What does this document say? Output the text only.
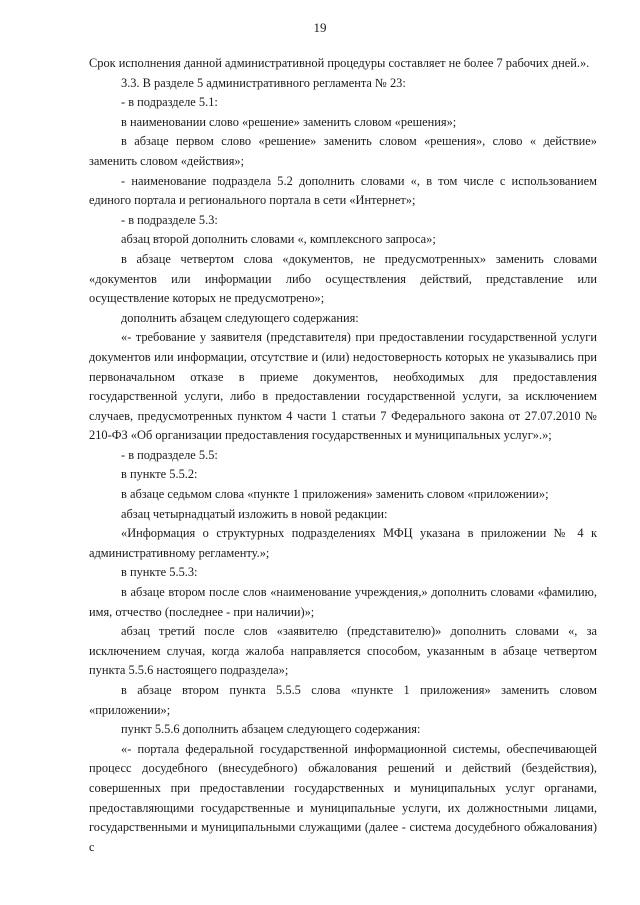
19

Срок исполнения данной административной процедуры составляет не более 7 рабочих дней.».

3.3. В разделе 5 административного регламента № 23:

- в подразделе 5.1:

в наименовании слово «решение» заменить словом «решения»;

в абзаце первом слово «решение» заменить словом «решения», слово « действие» заменить словом «действия»;

- наименование подраздела 5.2 дополнить словами «, в том числе с использованием единого портала и регионального портала в сети «Интернет»;

- в подразделе 5.3:

абзац второй дополнить словами «, комплексного запроса»;

в абзаце четвертом слова «документов, не предусмотренных» заменить словами «документов или информации либо осуществления действий, представление или осуществление которых не предусмотрено»;

дополнить абзацем следующего содержания:

«- требование у заявителя (представителя) при предоставлении государственной услуги документов или информации, отсутствие и (или) недостоверность которых не указывались при первоначальном отказе в приеме документов, необходимых для предоставления государственной услуги, либо в предоставлении государственной услуги, за исключением случаев, предусмотренных пунктом 4 части 1 статьи 7 Федерального закона от 27.07.2010 № 210-ФЗ «Об организации предоставления государственных и муниципальных услуг».»;

- в подразделе 5.5:

в пункте 5.5.2:

в абзаце седьмом слова «пункте 1 приложения» заменить словом «приложении»;

абзац четырнадцатый изложить в новой редакции:

«Информация о структурных подразделениях МФЦ указана в приложении № 4 к административному регламенту.»;

в пункте 5.5.3:

в абзаце втором после слов «наименование учреждения,» дополнить словами «фамилию, имя, отчество (последнее - при наличии)»;

абзац третий после слов «заявителю (представителю)» дополнить словами «, за исключением случая, когда жалоба направляется способом, указанным в абзаце четвертом пункта 5.5.6 настоящего подраздела»;

в абзаце втором пункта 5.5.5 слова «пункте 1 приложения» заменить словом «приложении»;

пункт 5.5.6 дополнить абзацем следующего содержания:

«- портала федеральной государственной информационной системы, обеспечивающей процесс досудебного (внесудебного) обжалования решений и действий (бездействия), совершенных при предоставлении государственных и муниципальных услуг органами, предоставляющими государственные и муниципальные услуги, их должностными лицами, государственными и муниципальными служащими (далее - система досудебного обжалования) с
